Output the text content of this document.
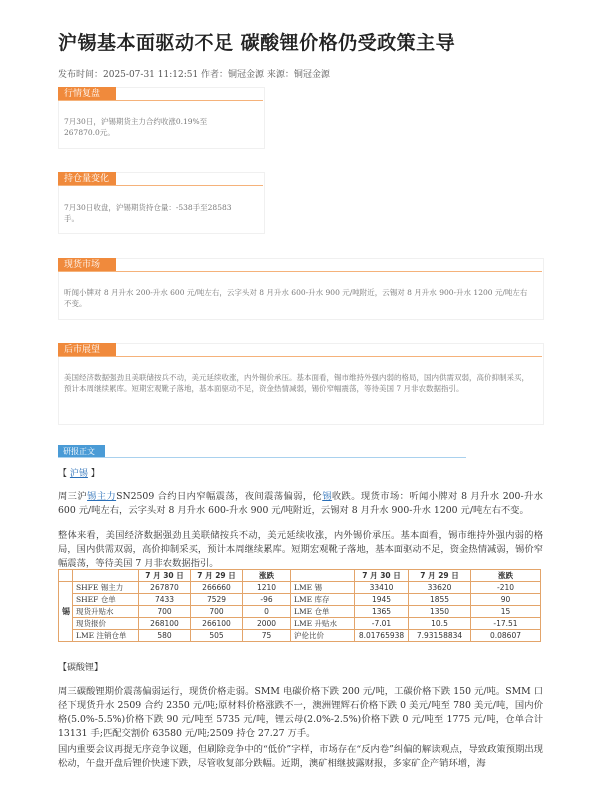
沪锡基本面驱动不足 碳酸锂价格仍受政策主导
发布时间：2025-07-31 11:12:51 作者：铜冠金源 来源：铜冠金源
行情复盘
7月30日，沪锡期货主力合约收涨0.19%至267870.0元。
持仓量变化
7月30日收盘，沪锡期货持仓量：-538手至28583手。
现货市场
听闻小牌对 8 月升水 200-升水 600 元/吨左右，云字头对 8 月升水 600-升水 900 元/吨附近，云锡对 8 月升水 900-升水 1200 元/吨左右不变。
后市展望
美国经济数据强劲且美联储按兵不动，美元延续收涨，内外锡价承压。基本面看，锡市维持外强内弱的格局，国内供需双弱，高价抑制采买，预计本周继续累库。短期宏观靴子落地，基本面驱动不足，资金热情减弱，锡价窄幅震荡，等待美国 7 月非农数据指引。
研报正文
【 沪锡 】
周三沪锡主力SN2509 合约日内窄幅震荡，夜间震荡偏弱，伦锡收跌。现货市场：听闻小牌对 8 月升水 200-升水 600 元/吨左右，云字头对 8 月升水 600-升水 900 元/吨附近，云锡对 8 月升水 900-升水 1200 元/吨左右不变。
整体来看，美国经济数据强劲且美联储按兵不动，美元延续收涨，内外锡价承压。基本面看，锡市维持外强内弱的格局，国内供需双弱，高价抑制采买，预计本周继续累库。短期宏观靴子落地，基本面驱动不足，资金热情减弱，锡价窄幅震荡，等待美国 7 月非农数据指引。
		7 月 30 日	7 月 29 日	涨跌		7 月 30 日	7 月 29 日	涨跌
锡	SHFE 锡主力	267870	266660	1210	LME 锡	33410	33620	-210
	SHEF 仓单	7433	7529	-96	LME 库存	1945	1855	90
	现货升贴水	700	700	0	LME 仓单	1365	1350	15
	现货报价	268100	266100	2000	LME 升贴水	-7.01	10.5	-17.51
	LME 注销仓单	580	505	75	沪伦比价	8.01765938	7.93158834	0.08607
【碳酸锂】
周三碳酸锂期价震荡偏弱运行，现货价格走弱。SMM 电碳价格下跌 200 元/吨，工碳价格下跌 150 元/吨。SMM 口径下现货升水 2509 合约 2350 元/吨;原材料价格涨跌不一，澳洲锂辉石价格下跌 0 美元/吨至 780 美元/吨，国内价格(5.0%-5.5%)价格下跌 90 元/吨至 5735 元/吨，锂云母(2.0%-2.5%)价格下跌 0 元/吨至 1775 元/吨，仓单合计 13131 手;匹配交割价 63580 元/吨;2509 持仓 27.27 万手。
国内重要会议再提无序竞争议题，但刷除竞争中的“低价”字样，市场存在“反内卷”纠偏的解读观点，导致政策预期出现松动，午盘开盘后锂价快速下跌，尽管收复部分跌幅。近期，澳矿相继披露财报，多家矿企产销环增，海
